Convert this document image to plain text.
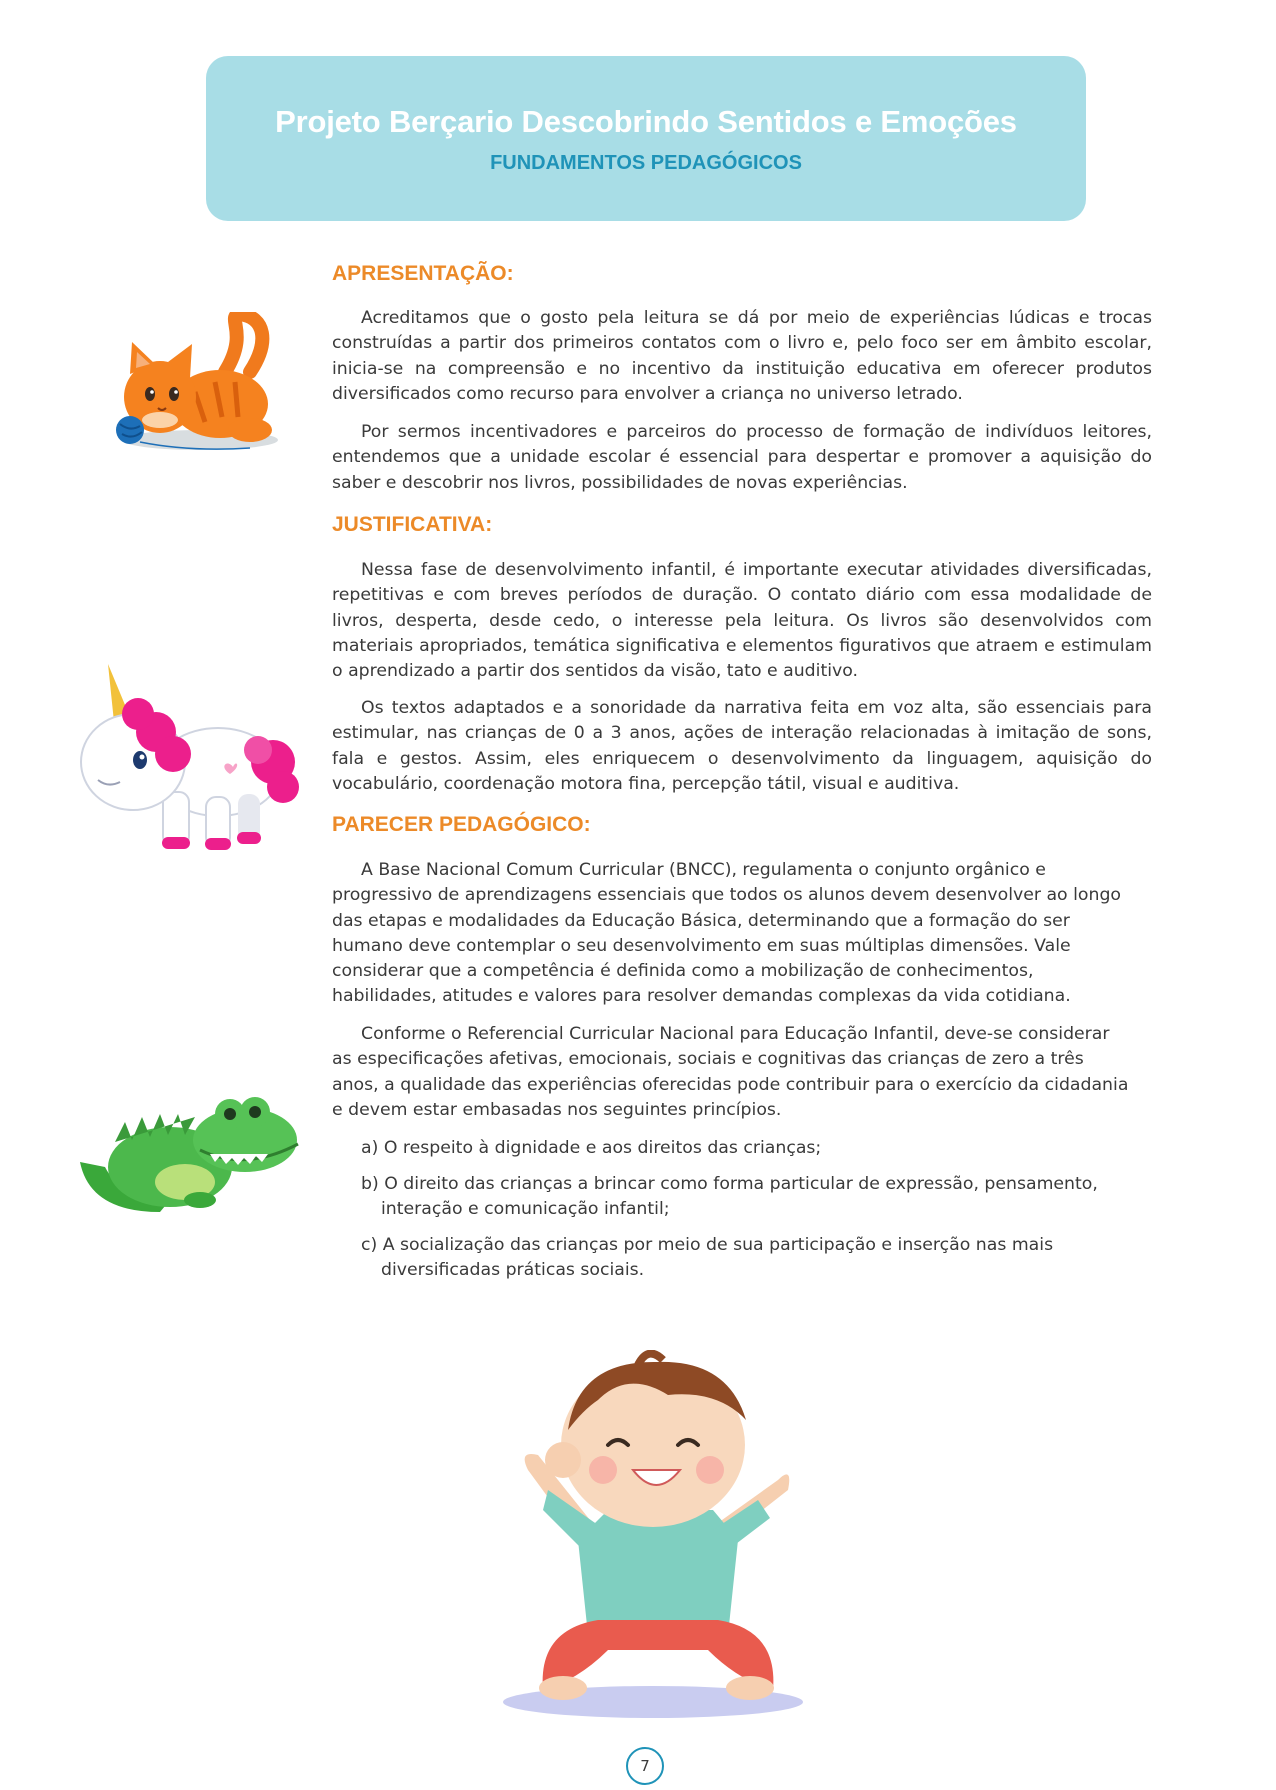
Projeto Berçario Descobrindo Sentidos e Emoções
FUNDAMENTOS PEDAGÓGICOS
APRESENTAÇÃO:

Acreditamos que o gosto pela leitura se dá por meio de experiências lúdicas e trocas construídas a partir dos primeiros contatos com o livro e, pelo foco ser em âmbito escolar, inicia-se na compreensão e no incentivo da instituição educativa em oferecer produtos diversificados como recurso para envolver a criança no universo letrado.

Por sermos incentivadores e parceiros do processo de formação de indivíduos leitores, entendemos que a unidade escolar é essencial para despertar e promover a aquisição do saber e descobrir nos livros, possibilidades de novas experiências.

JUSTIFICATIVA:

Nessa fase de desenvolvimento infantil, é importante executar atividades diversificadas, repetitivas e com breves períodos de duração. O contato diário com essa modalidade de livros, desperta, desde cedo, o interesse pela leitura. Os livros são desenvolvidos com materiais apropriados, temática significativa e elementos figurativos que atraem e estimulam o aprendizado a partir dos sentidos da visão, tato e auditivo.

Os textos adaptados e a sonoridade da narrativa feita em voz alta, são essenciais para estimular, nas crianças de 0 a 3 anos, ações de interação relacionadas à imitação de sons, fala e gestos. Assim, eles enriquecem o desenvolvimento da linguagem, aquisição do vocabulário, coordenação motora fina, percepção tátil, visual e auditiva.

PARECER PEDAGÓGICO:

A Base Nacional Comum Curricular (BNCC), regulamenta o conjunto orgânico e progressivo de aprendizagens essenciais que todos os alunos devem desenvolver ao longo das etapas e modalidades da Educação Básica, determinando que a formação do ser humano deve contemplar o seu desenvolvimento em suas múltiplas dimensões. Vale considerar que a competência é definida como a mobilização de conhecimentos, habilidades, atitudes e valores para resolver demandas complexas da vida cotidiana.

Conforme o Referencial Curricular Nacional para Educação Infantil, deve-se considerar as especificações afetivas, emocionais, sociais e cognitivas das crianças de zero a três anos, a qualidade das experiências oferecidas pode contribuir para o exercício da cidadania e devem estar embasadas nos seguintes princípios.

a) O respeito à dignidade e aos direitos das crianças;
b) O direito das crianças a brincar como forma particular de expressão, pensamento, interação e comunicação infantil;
c) A socialização das crianças por meio de sua participação e inserção nas mais diversificadas práticas sociais.
7
